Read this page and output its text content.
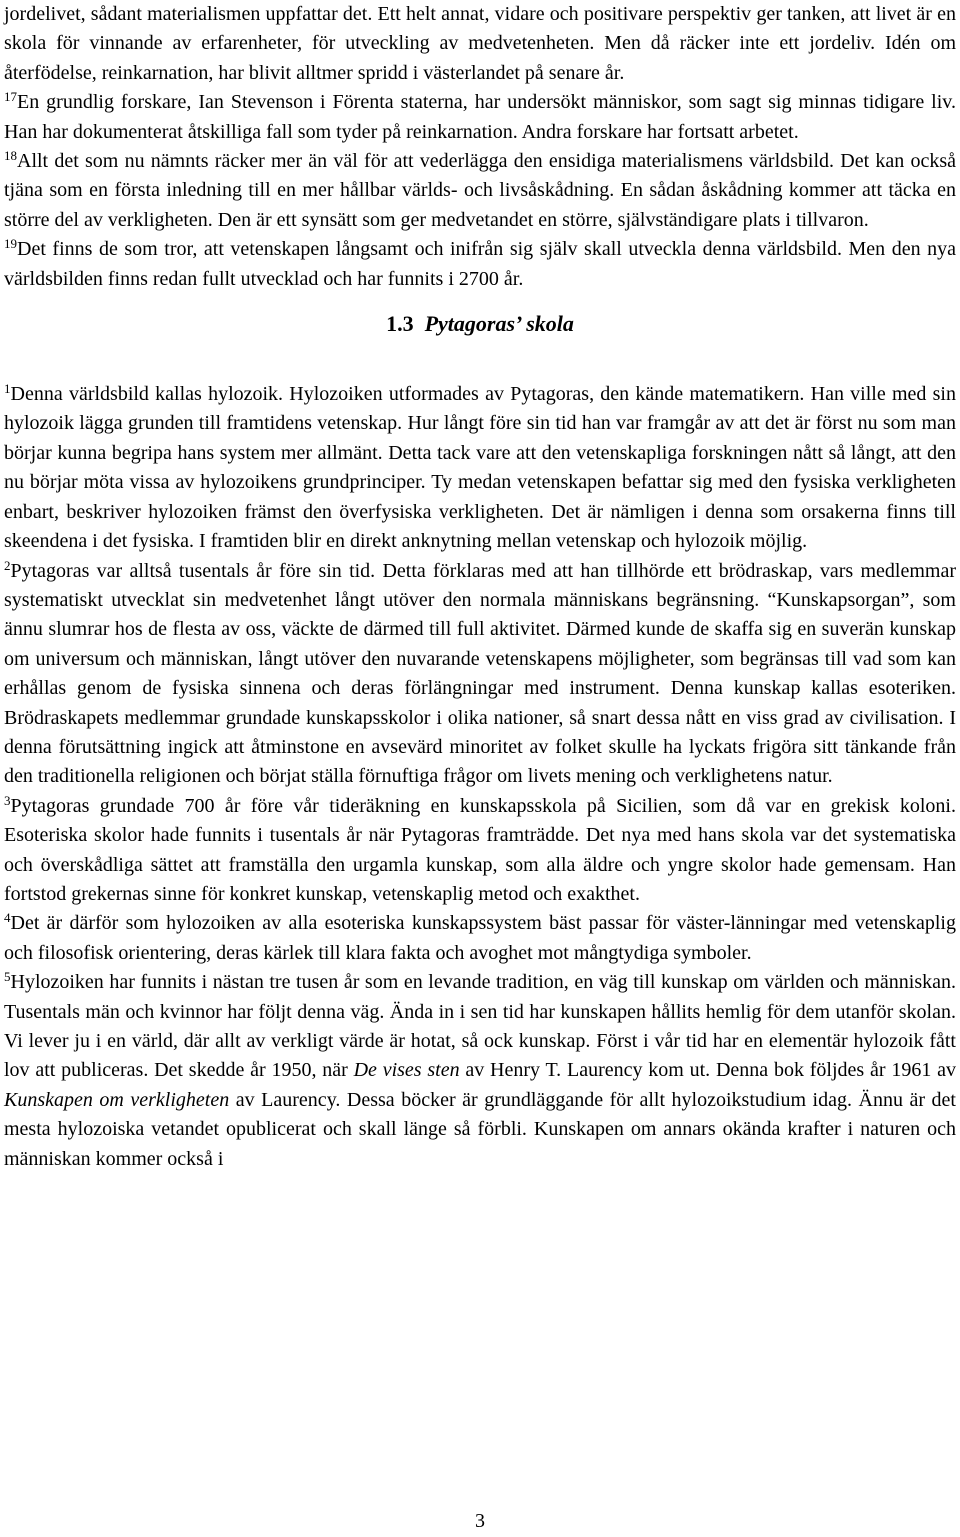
jordelivet, sådant materialismen uppfattar det. Ett helt annat, vidare och positivare perspektiv ger tanken, att livet är en skola för vinnande av erfarenheter, för utveckling av medvetenheten. Men då räcker inte ett jordeliv. Idén om återfödelse, reinkarnation, har blivit alltmer spridd i västerlandet på senare år.

$^{17}$En grundlig forskare, Ian Stevenson i Förenta staterna, har undersökt människor, som sagt sig minnas tidigare liv. Han har dokumenterat åtskilliga fall som tyder på reinkarnation. Andra forskare har fortsatt arbetet.

$^{18}$Allt det som nu nämnts räcker mer än väl för att vederlägga den ensidiga materialismens världsbild. Det kan också tjäna som en första inledning till en mer hållbar världs- och livsåskådning. En sådan åskådning kommer att täcka en större del av verkligheten. Den är ett synsätt som ger medvetandet en större, självständigare plats i tillvaron.

$^{19}$Det finns de som tror, att vetenskapen långsamt och inifrån sig själv skall utveckla denna världsbild. Men den nya världsbilden finns redan fullt utvecklad och har funnits i 2700 år.

1.3 Pytagoras’ skola

$^1$Denna världsbild kallas hylozoik. Hylozoiken utformades av Pytagoras, den kände matematikern. Han ville med sin hylozoik lägga grunden till framtidens vetenskap. Hur långt före sin tid han var framgår av att det är först nu som man börjar kunna begripa hans system mer allmänt. Detta tack vare att den vetenskapliga forskningen nått så långt, att den nu börjar möta vissa av hylozoikens grundprinciper. Ty medan vetenskapen befattar sig med den fysiska verkligheten enbart, beskriver hylozoiken främst den överfysiska verkligheten. Det är nämligen i denna som orsakerna finns till skeendena i det fysiska. I framtiden blir en direkt anknytning mellan vetenskap och hylozoik möjlig.

$^2$Pytagoras var alltså tusentals år före sin tid. Detta förklaras med att han tillhörde ett brödraskap, vars medlemmar systematiskt utvecklat sin medvetenhet långt utöver den normala människans begränsning. “Kunskapsorgan”, som ännu slumrar hos de flesta av oss, väckte de därmed till full aktivitet. Därmed kunde de skaffa sig en suverän kunskap om universum och människan, långt utöver den nuvarande vetenskapens möjligheter, som begränsas till vad som kan erhållas genom de fysiska sinnena och deras förlängningar med instrument. Denna kunskap kallas esoteriken. Brödraskapets medlemmar grundade kunskapsskolor i olika nationer, så snart dessa nått en viss grad av civilisation. I denna förutsättning ingick att åtminstone en avsevärd minoritet av folket skulle ha lyckats frigöra sitt tänkande från den traditionella religionen och börjat ställa förnuftiga frågor om livets mening och verklighetens natur.

$^3$Pytagoras grundade 700 år före vår tideräkning en kunskapsskola på Sicilien, som då var en grekisk koloni. Esoteriska skolor hade funnits i tusentals år när Pytagoras framträdde. Det nya med hans skola var det systematiska och överskådliga sättet att framställa den urgamla kunskap, som alla äldre och yngre skolor hade gemensam. Han fortstod grekernas sinne för konkret kunskap, vetenskaplig metod och exakthet.

$^4$Det är därför som hylozoiken av alla esoteriska kunskapssystem bäst passar för väster-länningar med vetenskaplig och filosofisk orientering, deras kärlek till klara fakta och avoghet mot mångtydiga symboler.

$^5$Hylozoiken har funnits i nästan tre tusen år som en levande tradition, en väg till kunskap om världen och människan. Tusentals män och kvinnor har följt denna väg. Ända in i sen tid har kunskapen hållits hemlig för dem utanför skolan. Vi lever ju i en värld, där allt av verkligt värde är hotat, så ock kunskap. Först i vår tid har en elementär hylozoik fått lov att publiceras. Det skedde år 1950, när De vises sten av Henry T. Laurency kom ut. Denna bok följdes år 1961 av Kunskapen om verkligheten av Laurency. Dessa böcker är grundläggande för allt hylozoikstudium idag. Ännu är det mesta hylozoiska vetandet opublicerat och skall länge så förbli. Kunskapen om annars okända krafter i naturen och människan kommer också i

3
